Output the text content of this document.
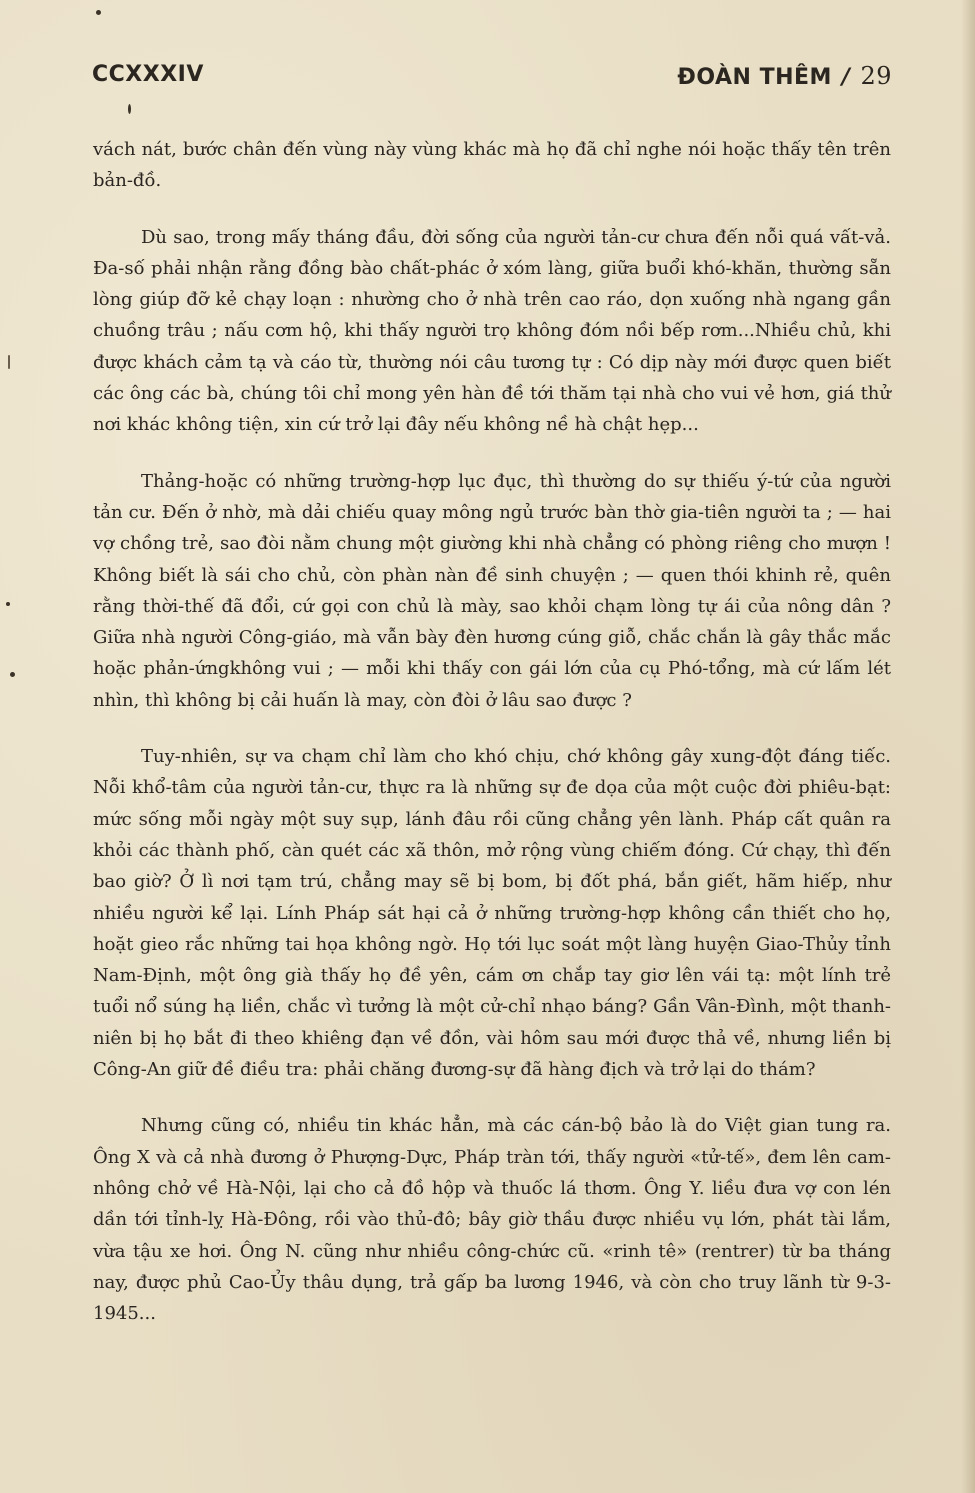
CCXXXIV	ĐOÀN THÊM / 29

vách nát, bước chân đến vùng này vùng khác mà họ đã chỉ nghe nói hoặc thấy tên trên bản-đồ.

Dù sao, trong mấy tháng đầu, đời sống của người tản-cư chưa đến nỗi quá vất-vả. Đa-số phải nhận rằng đồng bào chất-phác ở xóm làng, giữa buổi khó-khăn, thường sẵn lòng giúp đỡ kẻ chạy loạn : nhường cho ở nhà trên cao ráo, dọn xuống nhà ngang gần chuồng trâu ; nấu cơm hộ, khi thấy người trọ không đóm nồi bếp rơm...Nhiều chủ, khi được khách cảm tạ và cáo từ, thường nói câu tương tự : Có dịp này mới được quen biết các ông các bà, chúng tôi chỉ mong yên hàn đề tới thăm tại nhà cho vui vẻ hơn, giá thử nơi khác không tiện, xin cứ trở lại đây nếu không nề hà chật hẹp...

Thảng-hoặc có những trường-hợp lục đục, thì thường do sự thiếu ý-tứ của người tản cư. Đến ở nhờ, mà dải chiếu quay mông ngủ trước bàn thờ gia-tiên người ta ; — hai vợ chồng trẻ, sao đòi nằm chung một giường khi nhà chẳng có phòng riêng cho mượn ! Không biết là sái cho chủ, còn phàn nàn đề sinh chuyện ; — quen thói khinh rẻ, quên rằng thời-thế đã đổi, cứ gọi con chủ là mày, sao khỏi chạm lòng tự ái của nông dân ? Giữa nhà người Công-giáo, mà vẫn bày đèn hương cúng giỗ, chắc chắn là gây thắc mắc hoặc phản-ứngkhông vui ; — mỗi khi thấy con gái lớn của cụ Phó-tổng, mà cứ lấm lét nhìn, thì không bị cải huấn là may, còn đòi ở lâu sao được ?

Tuy-nhiên, sự va chạm chỉ làm cho khó chịu, chớ không gây xung-đột đáng tiếc. Nỗi khổ-tâm của người tản-cư, thực ra là những sự đe dọa của một cuộc đời phiêu-bạt: mức sống mỗi ngày một suy sụp, lánh đâu rồi cũng chẳng yên lành. Pháp cất quân ra khỏi các thành phố, càn quét các xã thôn, mở rộng vùng chiếm đóng. Cứ chạy, thì đến bao giờ? Ở lì nơi tạm trú, chẳng may sẽ bị bom, bị đốt phá, bắn giết, hãm hiếp, như nhiều người kể lại. Lính Pháp sát hại cả ở những trường-hợp không cần thiết cho họ, hoặt gieo rắc những tai họa không ngờ. Họ tới lục soát một làng huyện Giao-Thủy tỉnh Nam-Định, một ông già thấy họ đề yên, cám ơn chắp tay giơ lên vái tạ: một lính trẻ tuổi nổ súng hạ liền, chắc vì tưởng là một cử-chỉ nhạo báng? Gần Vân-Đình, một thanh-niên bị họ bắt đi theo khiêng đạn về đồn, vài hôm sau mới được thả về, nhưng liền bị Công-An giữ đề điều tra: phải chăng đương-sự đã hàng địch và trở lại do thám?

Nhưng cũng có, nhiều tin khác hẳn, mà các cán-bộ bảo là do Việt gian tung ra. Ông X và cả nhà đương ở Phượng-Dực, Pháp tràn tới, thấy người «tử-tế», đem lên cam-nhông chở về Hà-Nội, lại cho cả đồ hộp và thuốc lá thơm. Ông Y. liều đưa vợ con lén dần tới tỉnh-lỵ Hà-Đông, rồi vào thủ-đô; bây giờ thầu được nhiều vụ lớn, phát tài lắm, vừa tậu xe hơi. Ông N. cũng như nhiều công-chức cũ. «rinh tê» (rentrer) từ ba tháng nay, được phủ Cao-Ủy thâu dụng, trả gấp ba lương 1946, và còn cho truy lãnh từ 9-3-1945...
